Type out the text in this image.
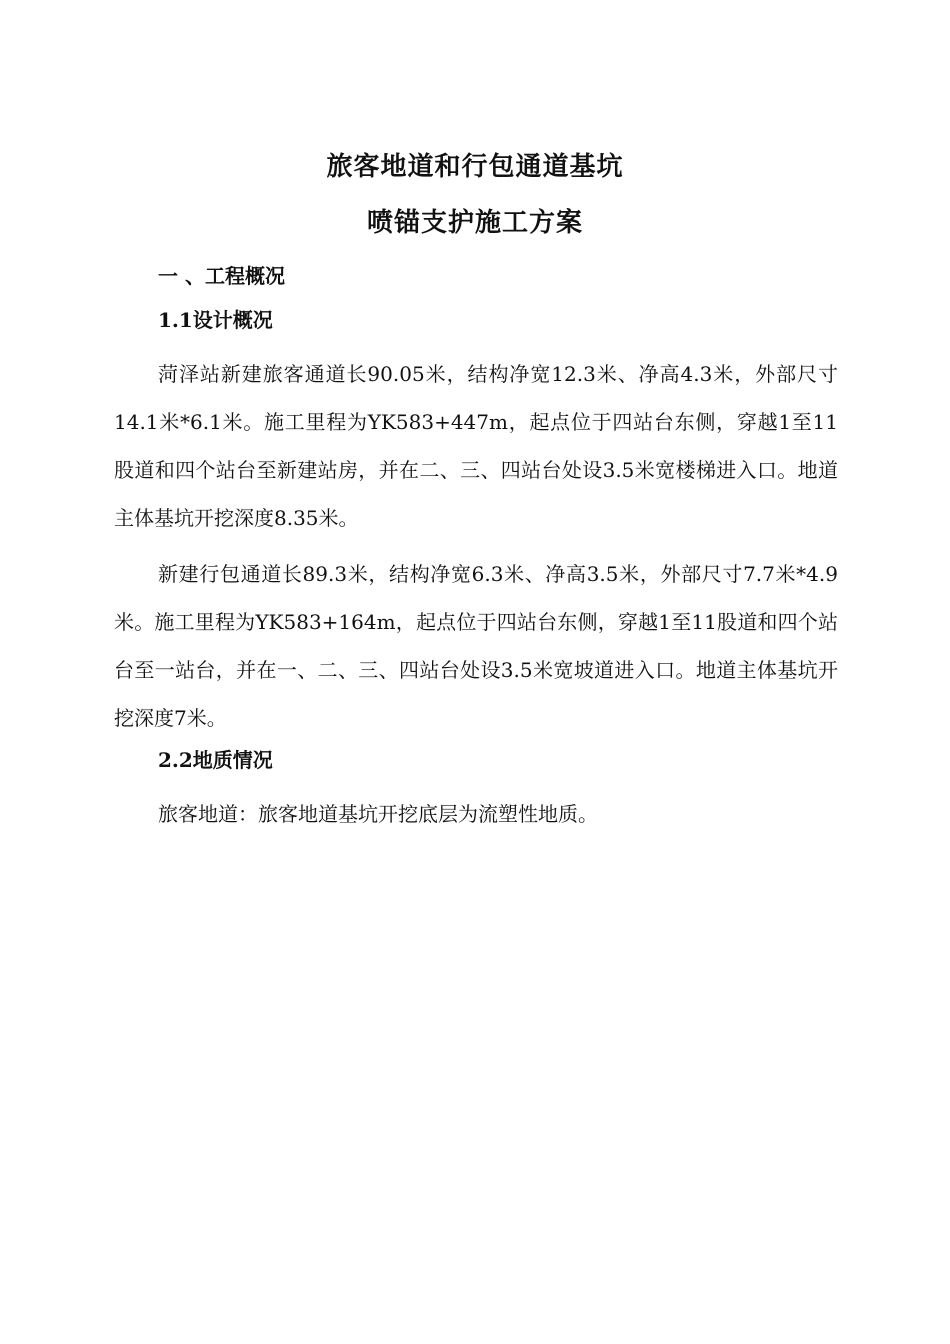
旅客地道和行包通道基坑
喷锚支护施工方案
一 、工程概况
1.1设计概况
菏泽站新建旅客通道长90.05米，结构净宽12.3米、净高4.3米，外部尺寸14.1米*6.1米。施工里程为YK583+447m，起点位于四站台东侧，穿越1至11股道和四个站台至新建站房，并在二、三、四站台处设3.5米宽楼梯进入口。地道主体基坑开挖深度8.35米。
新建行包通道长89.3米，结构净宽6.3米、净高3.5米，外部尺寸7.7米*4.9米。施工里程为YK583+164m，起点位于四站台东侧，穿越1至11股道和四个站台至一站台，并在一、二、三、四站台处设3.5米宽坡道进入口。地道主体基坑开挖深度7米。
2.2地质情况
旅客地道：旅客地道基坑开挖底层为流塑性地质。
